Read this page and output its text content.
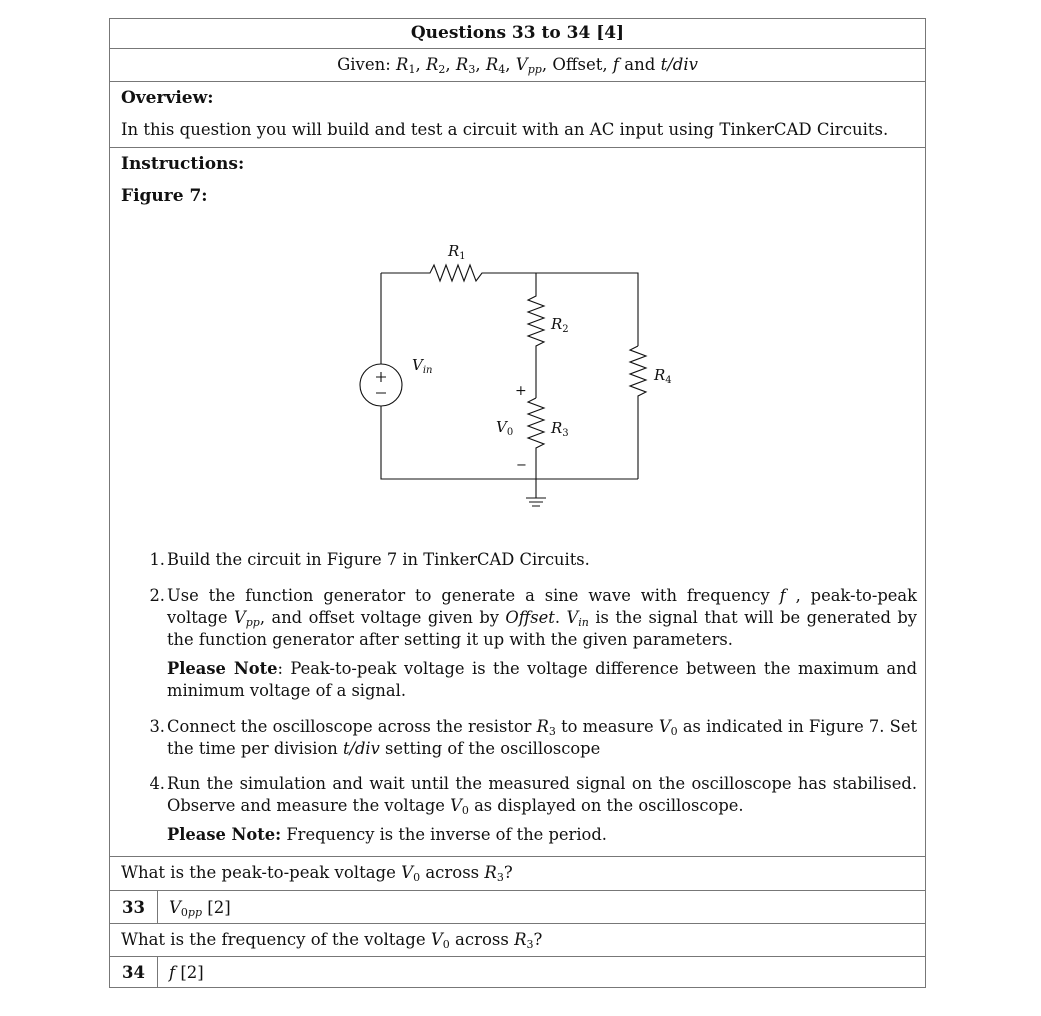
Questions 33 to 34 [4]
Given: $R_1$, $R_2$, $R_3$, $R_4$, $V_{pp}$, Offset, f and t/div
Overview:
In this question you will build and test a circuit with an AC input using TinkerCAD Circuits.
Instructions:
Figure 7:
$R_1$
$R_2$
$R_3$
$R_4$
$V_{in}$
$V_0$
+
−
1. Build the circuit in Figure 7 in TinkerCAD Circuits.
2. Use the function generator to generate a sine wave with frequency f , peak-to-peak voltage $V_{pp}$, and offset voltage given by Offset. $V_{in}$ is the signal that will be generated by the function generator after setting it up with the given parameters.
Please Note: Peak-to-peak voltage is the voltage difference between the maximum and minimum voltage of a signal.
3. Connect the oscilloscope across the resistor $R_3$ to measure $V_0$ as indicated in Figure 7. Set the time per division t/div setting of the oscilloscope
4. Run the simulation and wait until the measured signal on the oscilloscope has stabilised. Observe and measure the voltage $V_0$ as displayed on the oscilloscope.
Please Note: Frequency is the inverse of the period.
What is the peak-to-peak voltage $V_0$ across $R_3$?
33	$V_{0pp}$ [2]
What is the frequency of the voltage $V_0$ across $R_3$?
34	f [2]
